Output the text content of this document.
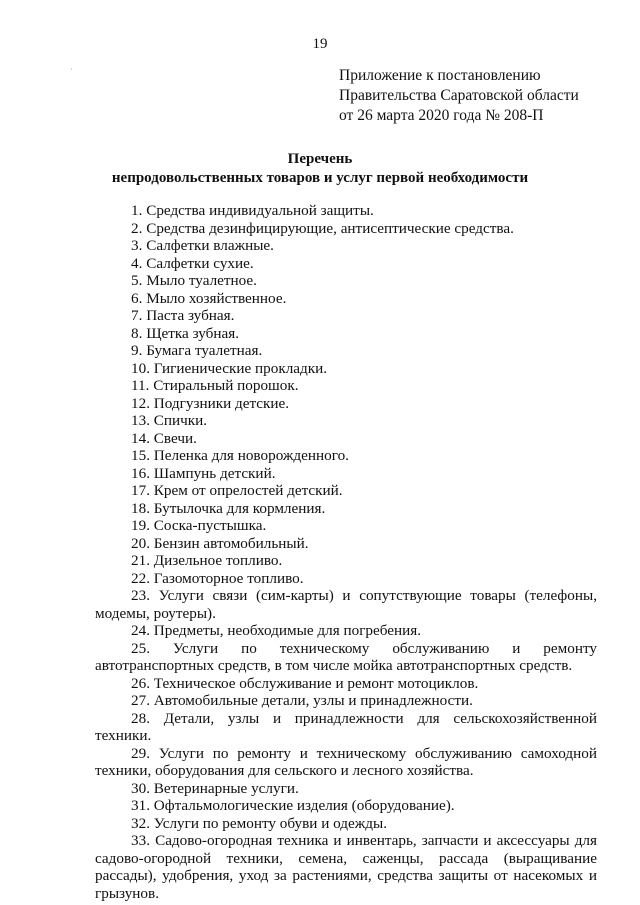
·
19
Приложение к постановлению
Правительства Саратовской области
от 26 марта 2020 года № 208-П
Перечень
непродовольственных товаров и услуг первой необходимости

1. Средства индивидуальной защиты.

2. Средства дезинфицирующие, антисептические средства.

3. Салфетки влажные.

4. Салфетки сухие.

5. Мыло туалетное.

6. Мыло хозяйственное.

7. Паста зубная.

8. Щетка зубная.

9. Бумага туалетная.

10. Гигиенические прокладки.

11. Стиральный порошок.

12. Подгузники детские.

13. Спички.

14. Свечи.

15. Пеленка для новорожденного.

16. Шампунь детский.

17. Крем от опрелостей детский.

18. Бутылочка для кормления.

19. Соска-пустышка.

20. Бензин автомобильный.

21. Дизельное топливо.

22. Газомоторное топливо.

23. Услуги связи (сим-карты) и сопутствующие товары (телефоны, модемы, роутеры).

24. Предметы, необходимые для погребения.

25. Услуги по техническому обслуживанию и ремонту автотранспортных средств, в том числе мойка автотранспортных средств.

26. Техническое обслуживание и ремонт мотоциклов.

27. Автомобильные детали, узлы и принадлежности.

28. Детали, узлы и принадлежности для сельскохозяйственной техники.

29. Услуги по ремонту и техническому обслуживанию самоходной техники, оборудования для сельского и лесного хозяйства.

30. Ветеринарные услуги.

31. Офтальмологические изделия (оборудование).

32. Услуги по ремонту обуви и одежды.

33. Садово-огородная техника и инвентарь, запчасти и аксессуары для садово-огородной техники, семена, саженцы, рассада (выращивание рассады), удобрения, уход за растениями, средства защиты от насекомых и грызунов.
